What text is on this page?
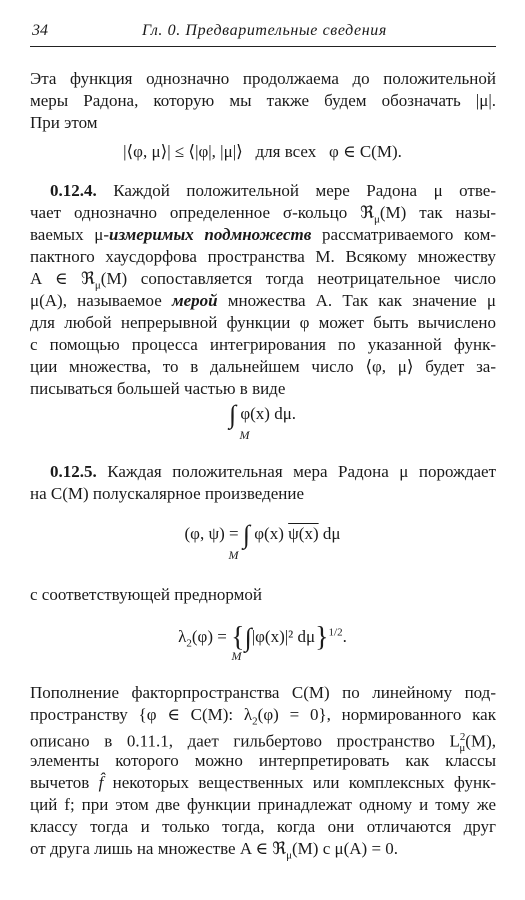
34	Гл. 0. Предварительные сведения
Эта функция однозначно продолжаема до положительной
меры Радона, которую мы также будем обозначать |μ|.
При этом
|⟨φ, μ⟩| ≤ ⟨|φ|, |μ|⟩   для всех   φ ∈ C(M).
0.12.4. Каждой положительной мере Радона μ отве-
чает однозначно определенное σ-кольцо ℜ$_\mu$(M) так назы-
ваемых μ-измеримых подмножеств рассматриваемого ком-
пактного хаусдорфова пространства M. Всякому множеству
A ∈ ℜ$_\mu$(M) сопоставляется тогда неотрицательное число
μ(A), называемое мерой множества A. Так как значение μ
для любой непрерывной функции φ может быть вычислено
с помощью процесса интегрирования по указанной функ-
ции множества, то в дальнейшем число ⟨φ, μ⟩ будет за-
писываться большей частью в виде
∫ φ(x) dμ.
M
0.12.5. Каждая положительная мера Радона μ порождает
на C(M) полускалярное произведение
(φ, ψ) = ∫ φ(x) ψ(x) dμ
M
с соответствующей преднормой
$\lambda_2(\varphi) = \{\int|\varphi(x)|^2$ dμ}$^{1/2}$.
M
Пополнение факторпространства C(M) по линейному под-
пространству {φ ∈ C(M): $\lambda_2(\varphi) = 0$}, нормированного как
описано в 0.11.1, дает гильбертово пространство $L^2_\mu(M)$,
элементы которого можно интерпретировать как классы
вычетов f̂ некоторых вещественных или комплексных функ-
ций f; при этом две функции принадлежат одному и тому же
классу тогда и только тогда, когда они отличаются друг
от друга лишь на множестве A ∈ ℜ$_\mu$(M) с μ(A) = 0.
